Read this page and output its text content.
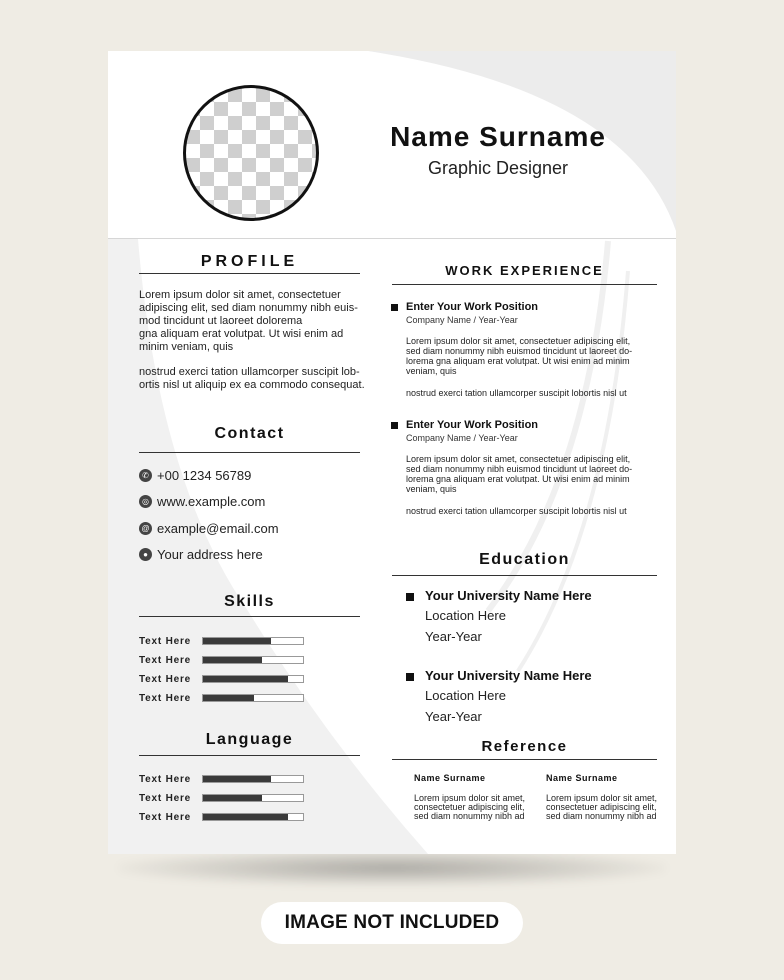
Name Surname
Graphic Designer
PROFILE
Lorem ipsum dolor sit amet, consectetuer
adipiscing elit, sed diam nonummy nibh euis-
mod tincidunt ut laoreet dolorema
gna aliquam erat volutpat. Ut wisi enim ad
minim veniam, quis
nostrud exerci tation ullamcorper suscipit lob-
ortis nisl ut aliquip ex ea commodo consequat.
Contact
✆ +00 1234 56789
◎ www.example.com
@ example@email.com
● Your address here
Skills
Text Here
Text Here
Text Here
Text Here
Language
Text Here
Text Here
Text Here
WORK EXPERIENCE
Enter Your Work Position
Company Name / Year-Year
Lorem ipsum dolor sit amet, consectetuer adipiscing elit,
sed diam nonummy nibh euismod tincidunt ut laoreet do-
lorema gna aliquam erat volutpat. Ut wisi enim ad minim
veniam, quis
nostrud exerci tation ullamcorper suscipit lobortis nisl ut
Enter Your Work Position
Company Name / Year-Year
Lorem ipsum dolor sit amet, consectetuer adipiscing elit,
sed diam nonummy nibh euismod tincidunt ut laoreet do-
lorema gna aliquam erat volutpat. Ut wisi enim ad minim
veniam, quis
nostrud exerci tation ullamcorper suscipit lobortis nisl ut
Education
Your University Name Here
Location Here
Year-Year
Your University Name Here
Location Here
Year-Year
Reference
Name Surname
Lorem ipsum dolor sit amet,
consectetuer adipiscing elit,
sed diam nonummy nibh ad
Name Surname
Lorem ipsum dolor sit amet,
consectetuer adipiscing elit,
sed diam nonummy nibh ad
IMAGE NOT INCLUDED
